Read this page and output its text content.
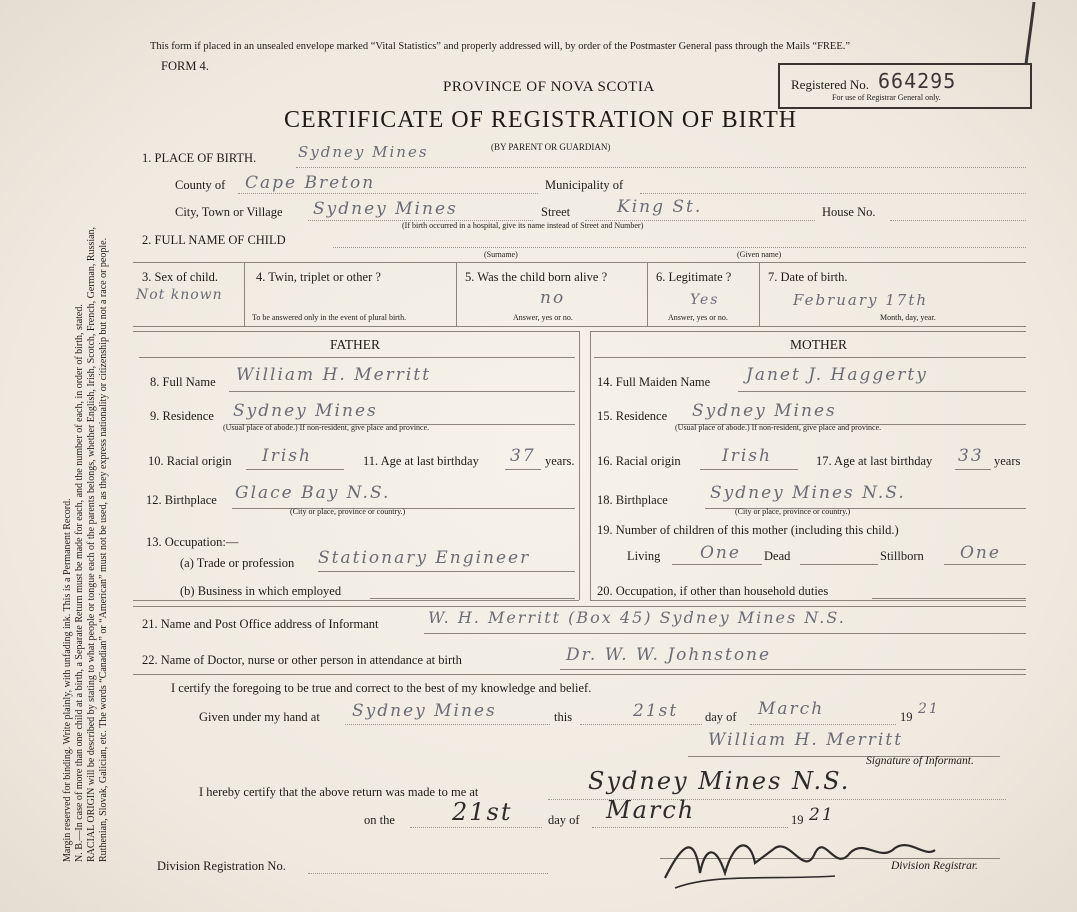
Margin reserved for binding. Write plainly, with unfading ink. This is a Permanent Record. N. B.—In case of more than one child at a birth, a Separate Return must be made for each, and the number of each, in order of birth, stated. RACIAL ORIGIN will be described by stating to what people or tongue each of the parents belongs, whether English, Irish, Scotch, French, German, Russian, Ruthenian, Slovak, Galician, etc. The words “Canadian” or “American” must not be used, as they express nationality or citizenship but not a race or people.
This form if placed in an unsealed envelope marked “Vital Statistics” and properly addressed will, by order of the Postmaster General pass through the Mails “FREE.”
FORM 4.
PROVINCE OF NOVA SCOTIA
CERTIFICATE OF REGISTRATION OF BIRTH
(BY PARENT OR GUARDIAN)
Registered No. 664295
For use of Registrar General only.
1. PLACE OF BIRTH.	Sydney Mines
County of Cape Breton	Municipality of
City, Town or Village Sydney Mines	Street	King St.	House No.
(If birth occurred in a hospital, give its name instead of Street and Number)
2. FULL NAME OF CHILD
(Surname)	(Given name)
3. Sex of child.
Not known
4. Twin, triplet or other ?
To be answered only in the event of plural birth.
5. Was the child born alive ?
no
Answer, yes or no.
6. Legitimate ?
Yes
Answer, yes or no.
7. Date of birth.
February 17th
Month, day, year.
FATHER	MOTHER
8. Full Name William H. Merritt
9. Residence Sydney Mines
(Usual place of abode.) If non-resident, give place and province.
10. Racial origin Irish	11. Age at last birthday 37 years.
12. Birthplace Glace Bay N.S.
(City or place, province or country.)
13. Occupation:—
(a) Trade or profession Stationary Engineer
(b) Business in which employed
14. Full Maiden Name Janet J. Haggerty
15. Residence Sydney Mines
(Usual place of abode.) If non-resident, give place and province.
16. Racial origin Irish	17. Age at last birthday 33 years
18. Birthplace Sydney Mines N.S.
(City or place, province or country.)
19. Number of children of this mother (including this child.)
Living One Dead	Stillborn One
20. Occupation, if other than household duties
21. Name and Post Office address of Informant	W. H. Merritt (Box 45) Sydney Mines N.S.
22. Name of Doctor, nurse or other person in attendance at birth	Dr. W. W. Johnstone
I certify the foregoing to be true and correct to the best of my knowledge and belief.
Given under my hand at Sydney Mines	this	21st day of March	19 21
William H. Merritt
Signature of Informant.
I hereby certify that the above return was made to me at	Sydney Mines N.S.
on the 21st	day of March	19 21
Division Registration No.	Division Registrar.
